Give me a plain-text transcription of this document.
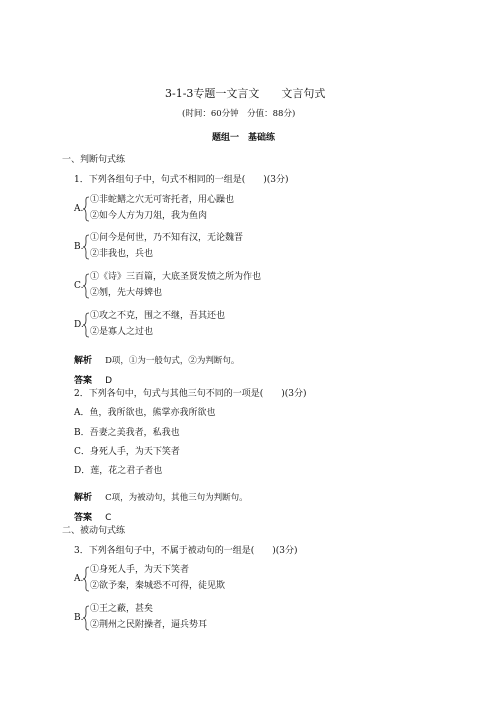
3-1-3专题一文言文　　文言句式
(时间：60分钟　分值：88分)
题组一　基础练
一、判断句式练
1．下列各组句子中，句式不相同的一组是(　　)(3分)
A.
①非蛇鳝之穴无可寄托者，用心躁也
②如今人方为刀俎，我为鱼肉
B.
①问今是何世，乃不知有汉，无论魏晋
②非我也，兵也
C.
①《诗》三百篇，大底圣贤发愤之所为作也
②刎，先大母婢也
D.
①攻之不克，围之不继，吾其还也
②是寡人之过也
解析 D项，①为一般句式，②为判断句。
答案 D
2．下列各句中，句式与其他三句不同的一项是(　　)(3分)
A．鱼，我所欲也，熊掌亦我所欲也
B．吾妻之美我者，私我也
C．身死人手，为天下笑者
D．莲，花之君子者也
解析 C项，为被动句，其他三句为判断句。
答案 C
二、被动句式练
3．下列各组句子中，不属于被动句的一组是(　　)(3分)
A.
①身死人手，为天下笑者
②欲予秦，秦城恐不可得，徒见欺
B.
①王之蔽，甚矣
②荆州之民附操者，逼兵势耳
